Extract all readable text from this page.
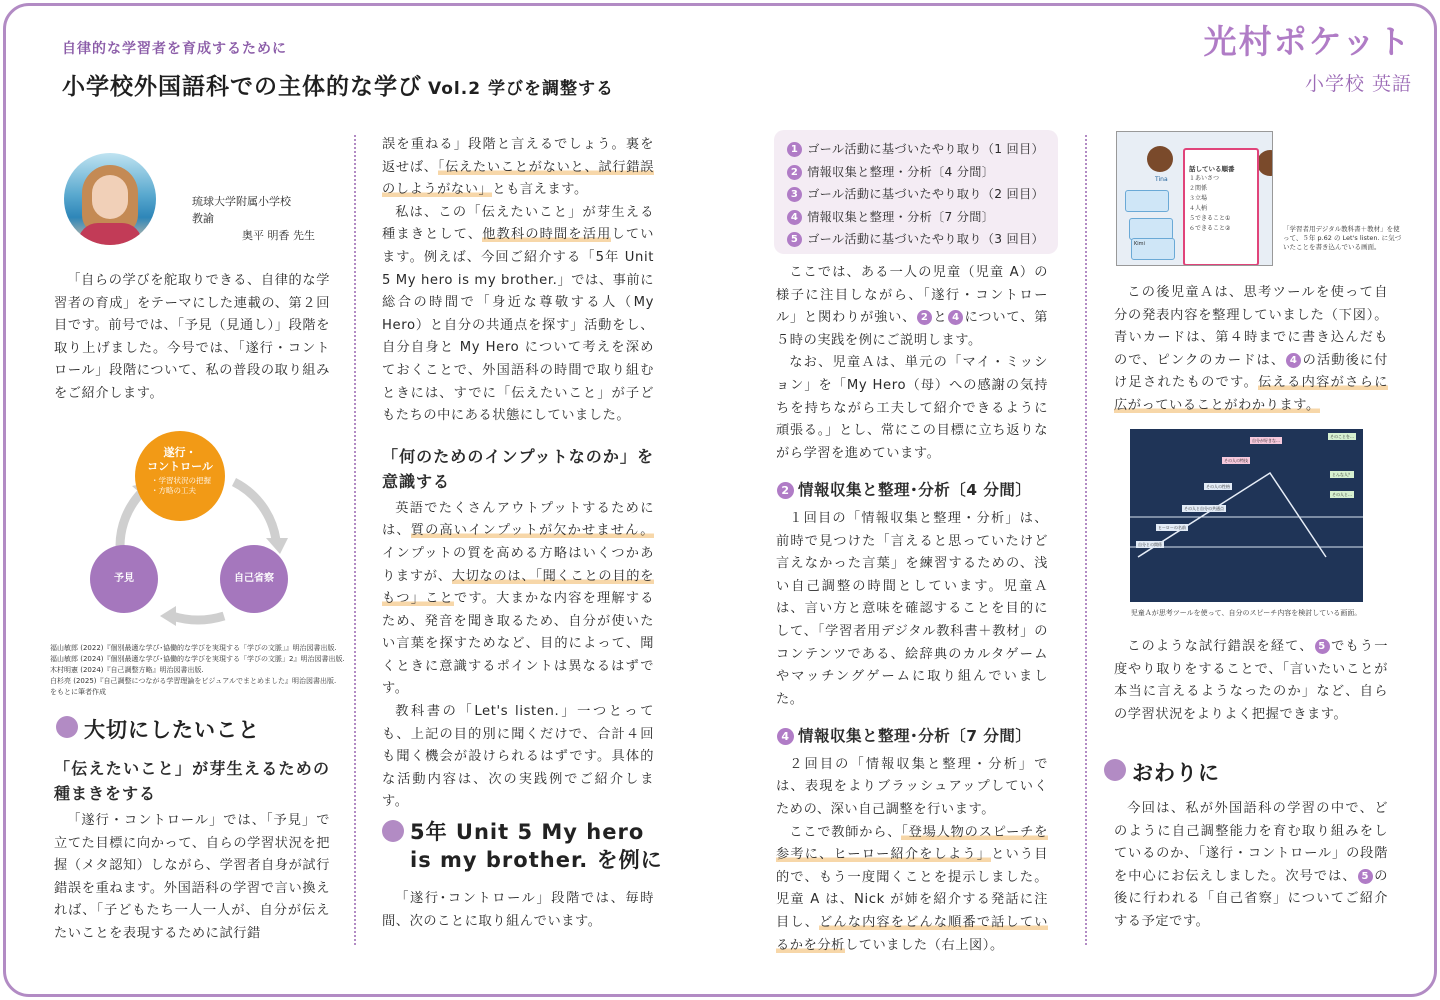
自律的な学習者を育成するために
小学校外国語科での主体的な学び Vol.2 学びを調整する
光村ポケット
小学校 英語
琉球大学附属小学校
教諭
奥平 明香 先生

「自らの学びを舵取りできる、自律的な学習者の育成」をテーマにした連載の、第２回目です。前号では、「予見（見通し）」段階を取り上げました。今号では、「遂行・コントロール」段階について、私の普段の取り組みをご紹介します。

遂行・
コントロール
・学習状況の把握
・方略の工夫
予見	自己省察
福山敏郎 (2022)『個別最適な学び･協働的な学びを実現する「学びの文脈」』明治図書出版.
福山敏郎 (2024)『個別最適な学び･協働的な学びを実現する「学びの文脈」2』明治図書出版.
木村明憲 (2024)『自己調整方略』明治図書出版.
白杉亮 (2025)『自己調整につながる学習理論をビジュアルでまとめました』明治図書出版.
をもとに筆者作成
大切にしたいこと
「伝えたいこと」が芽生えるための種まきをする

「遂行・コントロール」では、「予見」で立てた目標に向かって、自らの学習状況を把握（メタ認知）しながら、学習者自身が試行錯誤を重ねます。外国語科の学習で言い換えれば、「子どもたち一人一人が、自分が伝えたいことを表現するために試行錯

誤を重ねる」段階と言えるでしょう。裏を返せば、「伝えたいことがないと、試行錯誤のしようがない」とも言えます。

私は、この「伝えたいこと」が芽生える種まきとして、他教科の時間を活用しています。例えば、今回ご紹介する「5年 Unit 5 My hero is my brother.」では、事前に総合の時間で「身近な尊敬する人（My Hero）と自分の共通点を探す」活動をし、自分自身と My Hero について考えを深めておくことで、外国語科の時間で取り組むときには、すでに「伝えたいこと」が子どもたちの中にある状態にしていました。

「何のためのインプットなのか」を意識する

英語でたくさんアウトプットするためには、質の高いインプットが欠かせません。インプットの質を高める方略はいくつかありますが、大切なのは、「聞くことの目的をもつ」ことです。大まかな内容を理解するため、発音を聞き取るため、自分が使いたい言葉を探すためなど、目的によって、聞くときに意識するポイントは異なるはずです。

教科書の「Let's listen.」一つとっても、上記の目的別に聞くだけで、合計４回も聞く機会が設けられるはずです。具体的な活動内容は、次の実践例でご紹介します。

5年 Unit 5 My hero
is my brother. を例に

「遂行･コントロール」段階では、毎時間、次のことに取り組んでいます。

1 ゴール活動に基づいたやり取り（1 回目）
2 情報収集と整理・分析〔4 分間〕
3 ゴール活動に基づいたやり取り（2 回目）
4 情報収集と整理・分析〔7 分間〕
5 ゴール活動に基づいたやり取り（3 回目）

ここでは、ある一人の児童（児童 A）の様子に注目しながら、「遂行・コントロール」と関わりが強い、 2 と 4 について、第５時の実践を例にご説明します。

なお、児童Ａは、単元の「マイ・ミッション」を「My Hero（母）への感謝の気持ちを持ちながら工夫して紹介できるように頑張る。」とし、常にこの目標に立ち返りながら学習を進めています。

2 情報収集と整理･分析〔4 分間〕

１回目の「情報収集と整理・分析」は、前時で見つけた「言えると思っていたけど言えなかった言葉」を練習するための、浅い自己調整の時間としています。児童Ａは、言い方と意味を確認することを目的にして、「学習者用デジタル教科書＋教材」のコンテンツである、絵辞典のカルタゲームやマッチングゲームに取り組んでいました。

4 情報収集と整理･分析〔7 分間〕

２回目の「情報収集と整理・分析」では、表現をよりブラッシュアップしていくための、深い自己調整を行います。

ここで教師から、「登場人物のスピーチを参考に、ヒーロー紹介をしよう」という目的で、もう一度聞くことを提示しました。児童 A は、Nick が姉を紹介する発話に注目し、どんな内容をどんな順番で話しているかを分析していました（右上図）。

Tina
Kimi
話している順番
１あいさつ
２関係
３立場
４人柄
５できること①
６できること②	「学習者用デジタル教科書＋教材」を使って、５年 p.62 の Let's listen. に気づいたことを書き込んでいる画面。

この後児童Ａは、思考ツールを使って自分の発表内容を整理していました（下図）。青いカードは、第４時までに書き込んだもので、ピンクのカードは、 4 の活動後に付け足されたものです。伝える内容がさらに広がっていることがわかります。

自分との関係
ヒーローの名前
その人と自分の共通点
その人の性格
その人の特技
自分が好きな…
そのことを…
とんな人？
その人と…
児童Ａが思考ツールを使って、自分のスピーチ内容を検討している画面。

このような試行錯誤を経て、 5 でもう一度やり取りをすることで、「言いたいことが本当に言えるようなったのか」など、自らの学習状況をよりよく把握できます。

おわりに

今回は、私が外国語科の学習の中で、どのように自己調整能力を育む取り組みをしているのか、「遂行・コントロール」の段階を中心にお伝えしました。次号では、 5 の後に行われる「自己省察」についてご紹介する予定です。
